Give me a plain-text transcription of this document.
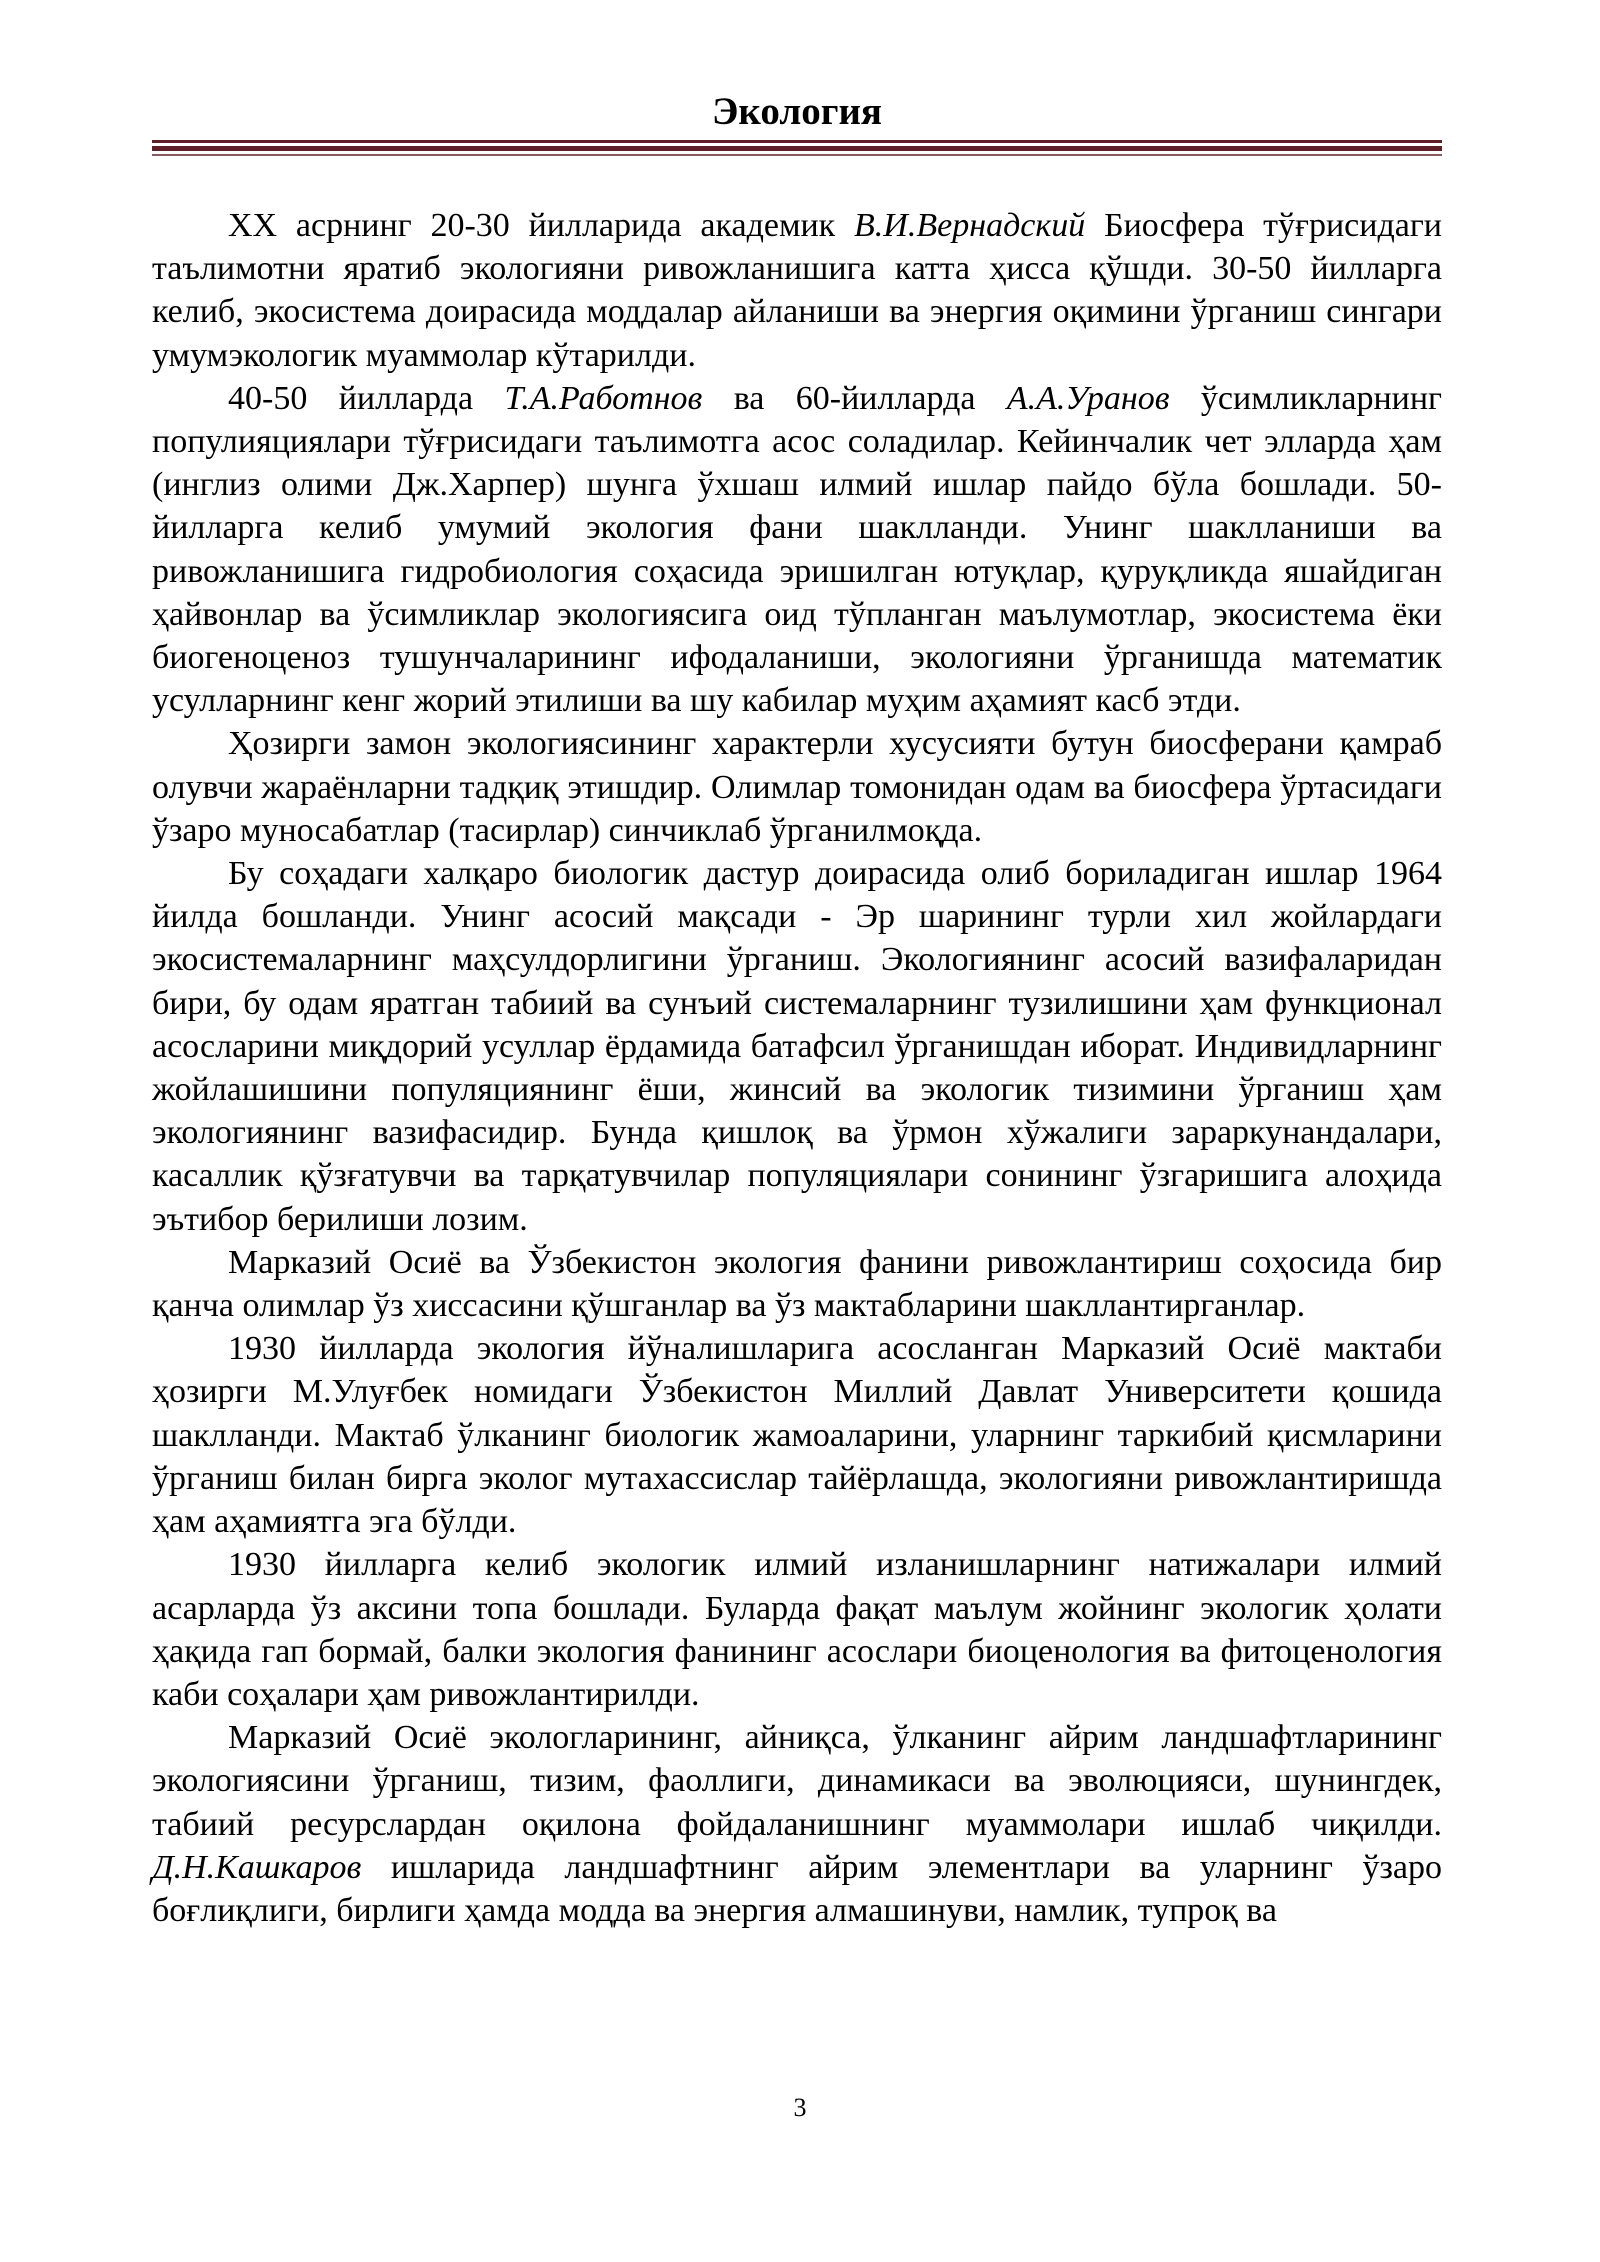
Экология

XX асрнинг 20-30 йилларида академик В.И.Вернадский Биосфера тўғрисидаги таълимотни яратиб экологияни ривожланишига катта ҳисса қўшди. 30-50 йилларга келиб, экосистема доирасида моддалар айланиши ва энергия оқимини ўрганиш сингари умумэкологик муаммолар кўтарилди.

40-50 йилларда Т.А.Работнов ва 60-йилларда А.А.Уранов ўсимликларнинг популияциялари тўғрисидаги таълимотга асос соладилар. Кейинчалик чет элларда ҳам (инглиз олими Дж.Харпер) шунга ўхшаш илмий ишлар пайдо бўла бошлади. 50-йилларга келиб умумий экология фани шаклланди. Унинг шаклланиши ва ривожланишига гидробиология соҳасида эришилган ютуқлар, қуруқликда яшайдиган ҳайвонлар ва ўсимликлар экологиясига оид тўпланган маълумотлар, экосистема ёки биогеноценоз тушунчаларининг ифодаланиши, экологияни ўрганишда математик усулларнинг кенг жорий этилиши ва шу кабилар муҳим аҳамият касб этди.

Ҳозирги замон экологиясининг характерли хусусияти бутун биосферани қамраб олувчи жараёнларни тадқиқ этишдир. Олимлар томонидан одам ва биосфера ўртасидаги ўзаро муносабатлар (тасирлар) синчиклаб ўрганилмоқда.

Бу соҳадаги халқаро биологик дастур доирасида олиб бориладиган ишлар 1964 йилда бошланди. Унинг асосий мақсади - Эр шарининг турли хил жойлардаги экосистемаларнинг маҳсулдорлигини ўрганиш. Экологиянинг асосий вазифаларидан бири, бу одам яратган табиий ва сунъий системаларнинг тузилишини ҳам функционал асосларини миқдорий усуллар ёрдамида батафсил ўрганишдан иборат. Индивидларнинг жойлашишини популяциянинг ёши, жинсий ва экологик тизимини ўрганиш ҳам экологиянинг вазифасидир. Бунда қишлоқ ва ўрмон хўжалиги зараркунандалари, касаллик қўзғатувчи ва тарқатувчилар популяциялари сонининг ўзгаришига алоҳида эътибор берилиши лозим.

Марказий Осиё ва Ўзбекистон экология фанини ривожлантириш соҳосида бир қанча олимлар ўз хиссасини қўшганлар ва ўз мактабларини шакллантирганлар.

1930 йилларда экология йўналишларига асосланган Марказий Осиё мактаби ҳозирги М.Улуғбек номидаги Ўзбекистон Миллий Давлат Университети қошида шаклланди. Мактаб ўлканинг биологик жамоаларини, уларнинг таркибий қисмларини ўрганиш билан бирга эколог мутахассислар тайёрлашда, экологияни ривожлантиришда ҳам аҳамиятга эга бўлди.

1930 йилларга келиб экологик илмий изланишларнинг натижалари илмий асарларда ўз аксини топа бошлади. Буларда фақат маълум жойнинг экологик ҳолати ҳақида гап бормай, балки экология фанининг асослари биоценология ва фитоценология каби соҳалари ҳам ривожлантирилди.

Марказий Осиё экологларининг, айниқса, ўлканинг айрим ландшафтларининг экологиясини ўрганиш, тизим, фаоллиги, динамикаси ва эволюцияси, шунингдек, табиий ресурслардан оқилона фойдаланишнинг муаммолари ишлаб чиқилди. Д.Н.Кашкаров ишларида ландшафтнинг айрим элементлари ва уларнинг ўзаро боғлиқлиги, бирлиги ҳамда модда ва энергия алмашинуви, намлик, тупроқ ва

3
